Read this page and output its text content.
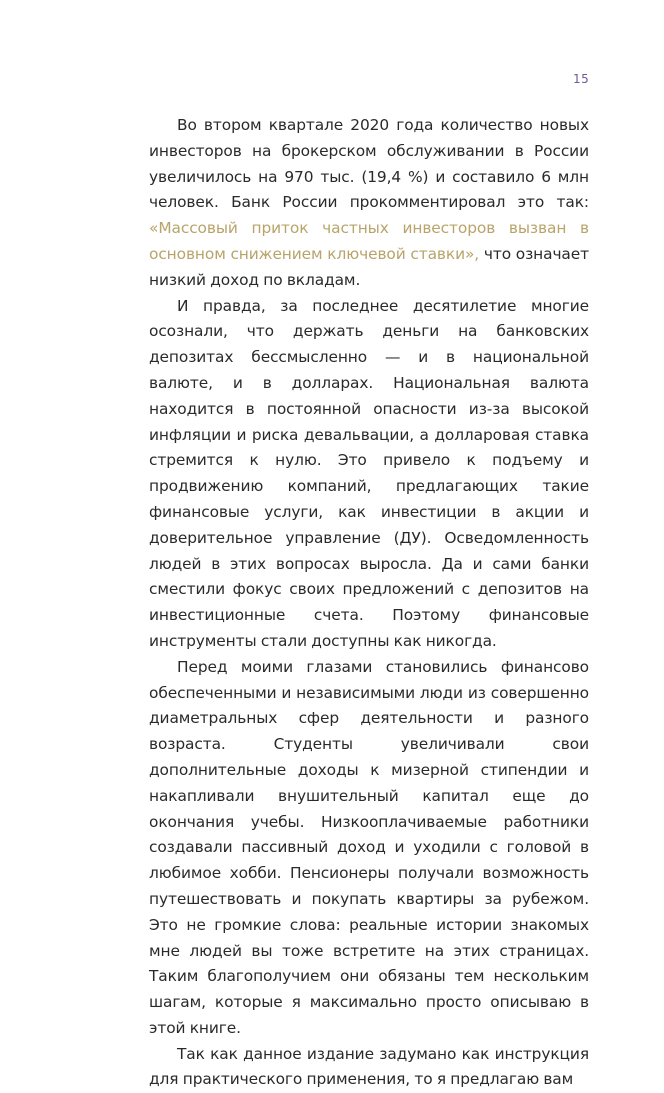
15

Во втором квартале 2020 года количество новых инвесторов на брокерском обслуживании в России увеличилось на 970 тыс. (19,4 %) и составило 6 млн человек. Банк России прокомментировал это так: «Массовый приток частных инвесторов вызван в основном снижением ключевой ставки», что означает низкий доход по вкладам.

И правда, за последнее десятилетие многие осознали, что держать деньги на банковских депозитах бессмысленно — и в национальной валюте, и в долларах. Национальная валюта находится в постоянной опасности из-за высокой инфляции и риска девальвации, а долларовая ставка стремится к нулю. Это привело к подъему и продвижению компаний, предлагающих такие финансовые услуги, как инвестиции в акции и доверительное управление (ДУ). Осведомленность людей в этих вопросах выросла. Да и сами банки сместили фокус своих предложений с депозитов на инвестиционные счета. Поэтому финансовые инструменты стали доступны как никогда.

Перед моими глазами становились финансово обеспеченными и независимыми люди из совершенно диаметральных сфер деятельности и разного возраста. Студенты увеличивали свои дополнительные доходы к мизерной стипендии и накапливали внушительный капитал еще до окончания учебы. Низкооплачиваемые работники создавали пассивный доход и уходили с головой в любимое хобби. Пенсионеры получали возможность путешествовать и покупать квартиры за рубежом. Это не громкие слова: реальные истории знакомых мне людей вы тоже встретите на этих страницах. Таким благополучием они обязаны тем нескольким шагам, которые я максимально просто описываю в этой книге.

Так как данное издание задумано как инструкция для практического применения, то я предлагаю вам
